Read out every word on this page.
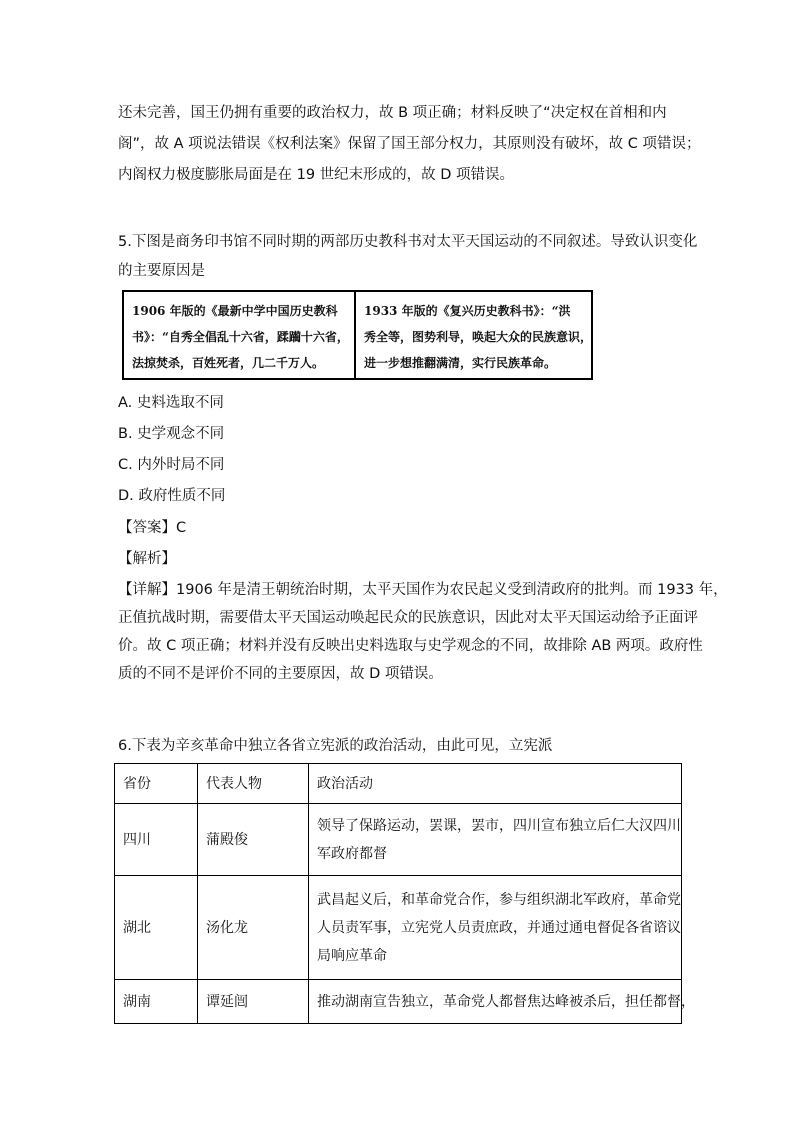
还未完善，国王仍拥有重要的政治权力，故 B 项正确；材料反映了“决定权在首相和内
阁”，故 A 项说法错误《权利法案》保留了国王部分权力，其原则没有破坏，故 C 项错误；
内阁权力极度膨胀局面是在 19 世纪末形成的，故 D 项错误。
5.下图是商务印书馆不同时期的两部历史教科书对太平天国运动的不同叙述。导致认识变化
的主要原因是
1906 年版的《最新中学中国历史教科
书》：“自秀全倡乱十六省，蹂躏十六省，
法掠焚杀，百姓死者，几二千万人。
1933 年版的《复兴历史教科书》：“洪
秀全等，图势利导，唤起大众的民族意识，
进一步想推翻满清，实行民族革命。

A. 史料选取不同

B. 史学观念不同

C. 内外时局不同

D. 政府性质不同

【答案】C

【解析】

【详解】1906 年是清王朝统治时期，太平天国作为农民起义受到清政府的批判。而 1933 年，
正值抗战时期，需要借太平天国运动唤起民众的民族意识，因此对太平天国运动给予正面评
价。故 C 项正确；材料并没有反映出史料选取与史学观念的不同，故排除 AB 两项。政府性
质的不同不是评价不同的主要原因，故 D 项错误。

6.下表为辛亥革命中独立各省立宪派的政治活动，由此可见，立宪派

省份	代表人物	政治活动
四川	蒲殿俊	领导了保路运动，罢课，罢市，四川宣布独立后仁大汉四川
军政府都督

湖北	汤化龙	武昌起义后，和革命党合作，参与组织湖北军政府，革命党
人员责军事，立宪党人员责庶政，并通过通电督促各省谘议
局响应革命

湖南	谭延闿	推动湖南宣告独立，革命党人都督焦达峰被杀后，担任都督，
